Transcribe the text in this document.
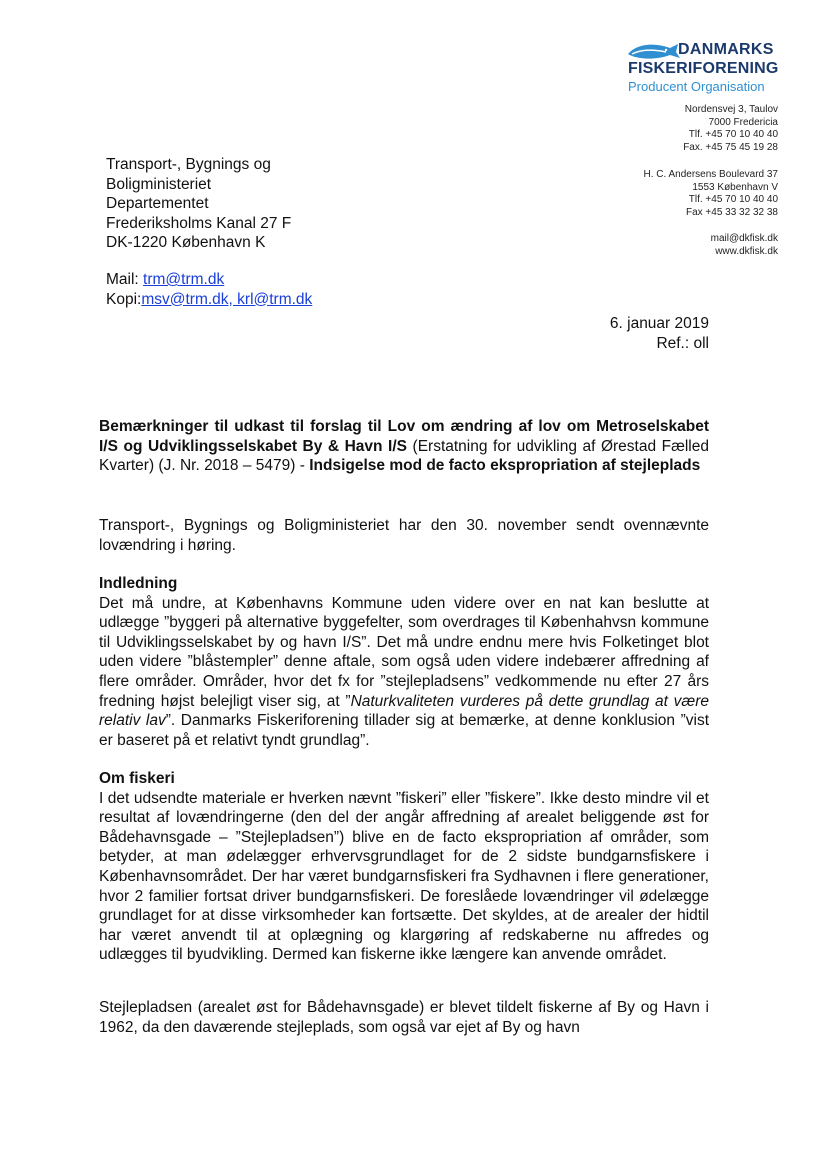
DANMARKS
FISKERIFORENING
Producent Organisation
Nordensvej 3, Taulov
7000 Fredericia
Tlf. +45 70 10 40 40
Fax. +45 75 45 19 28
H. C. Andersens Boulevard 37
1553 København V
Tlf. +45 70 10 40 40
Fax +45 33 32 32 38
mail@dkfisk.dk
www.dkfisk.dk
Transport-, Bygnings og
Boligministeriet
Departementet
Frederiksholms Kanal 27 F
DK-1220 København K
Mail: trm@trm.dk
Kopi:msv@trm.dk, krl@trm.dk
6. januar 2019
Ref.: oll

Bemærkninger til udkast til forslag til Lov om ændring af lov om Metroselskabet I/S og Udviklingsselskabet By & Havn I/S (Erstatning for udvikling af Ørestad Fælled Kvarter) (J. Nr. 2018 – 5479) - Indsigelse mod de facto ekspropriation af stejleplads

Transport-, Bygnings og Boligministeriet har den 30. november sendt ovennævnte lovændring i høring.

Indledning

Det må undre, at Københavns Kommune uden videre over en nat kan beslutte at udlægge ”byggeri på alternative byggefelter, som overdrages til Københahvsn kommune til Udviklingsselskabet by og havn I/S”. Det må undre endnu mere hvis Folketinget blot uden videre ”blåstempler” denne aftale, som også uden videre indebærer affredning af flere områder. Områder, hvor det fx for ”stejlepladsens” vedkommende nu efter 27 års fredning højst belejligt viser sig, at ”Naturkvaliteten vurderes på dette grundlag at være relativ lav”. Danmarks Fiskeriforening tillader sig at bemærke, at denne konklusion ”vist er baseret på et relativt tyndt grundlag”.

Om fiskeri

I det udsendte materiale er hverken nævnt ”fiskeri” eller ”fiskere”. Ikke desto mindre vil et resultat af lovændringerne (den del der angår affredning af arealet beliggende øst for Bådehavnsgade – ”Stejlepladsen”) blive en de facto ekspropriation af områder, som betyder, at man ødelægger erhvervsgrundlaget for de 2 sidste bundgarnsfiskere i Københavnsområdet. Der har været bundgarnsfiskeri fra Sydhavnen i flere generationer, hvor 2 familier fortsat driver bundgarnsfiskeri. De foreslåede lovændringer vil ødelægge grundlaget for at disse virksomheder kan fortsætte. Det skyldes, at de arealer der hidtil har været anvendt til at oplægning og klargøring af redskaberne nu affredes og udlægges til byudvikling. Dermed kan fiskerne ikke længere kan anvende området.

Stejlepladsen (arealet øst for Bådehavnsgade) er blevet tildelt fiskerne af By og Havn i 1962, da den daværende stejleplads, som også var ejet af By og havn
